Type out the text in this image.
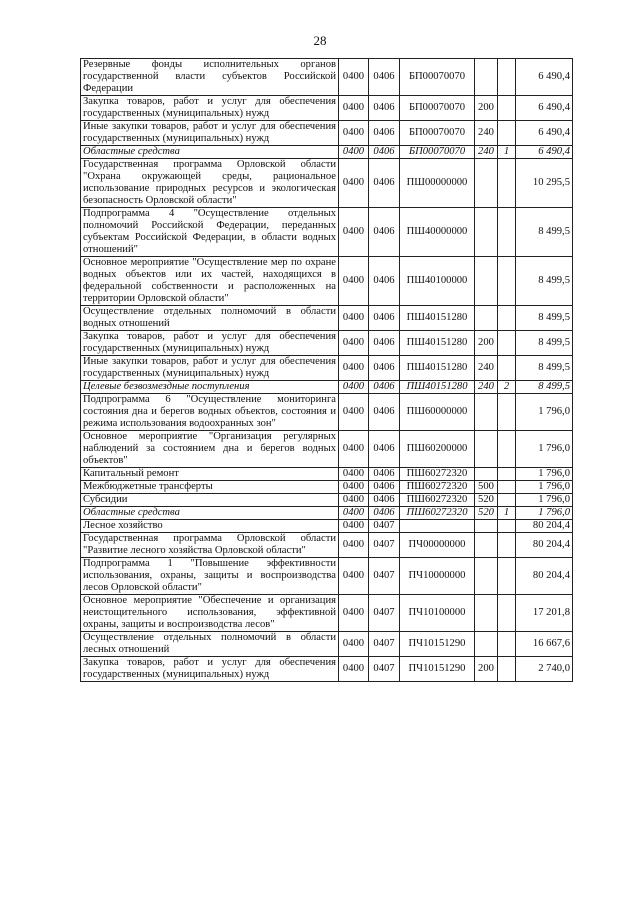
28
Резервные фонды исполнительных органов государственной власти субъектов Российской Федерации	0400	0406	БП00070070			6 490,4
Закупка товаров, работ и услуг для обеспечения государственных (муниципальных) нужд	0400	0406	БП00070070	200		6 490,4
Иные закупки товаров, работ и услуг для обеспечения государственных (муниципальных) нужд	0400	0406	БП00070070	240		6 490,4
Областные средства	0400	0406	БП00070070	240	1	6 490,4
Государственная программа Орловской области "Охрана окружающей среды, рациональное использование природных ресурсов и экологическая безопасность Орловской области"	0400	0406	ПШ00000000			10 295,5
Подпрограмма 4 "Осуществление отдельных полномочий Российской Федерации, переданных субъектам Российской Федерации, в области водных отношений"	0400	0406	ПШ40000000			8 499,5
Основное мероприятие "Осуществление мер по охране водных объектов или их частей, находящихся в федеральной собственности и расположенных на территории Орловской области"	0400	0406	ПШ40100000			8 499,5
Осуществление отдельных полномочий в области водных отношений	0400	0406	ПШ40151280			8 499,5
Закупка товаров, работ и услуг для обеспечения государственных (муниципальных) нужд	0400	0406	ПШ40151280	200		8 499,5
Иные закупки товаров, работ и услуг для обеспечения государственных (муниципальных) нужд	0400	0406	ПШ40151280	240		8 499,5
Целевые безвозмездные поступления	0400	0406	ПШ40151280	240	2	8 499,5
Подпрограмма 6 "Осуществление мониторинга состояния дна и берегов водных объектов, состояния и режима использования водоохранных зон"	0400	0406	ПШ60000000			1 796,0
Основное мероприятие "Организация регулярных наблюдений за состоянием дна и берегов водных объектов"	0400	0406	ПШ60200000			1 796,0
Капитальный ремонт	0400	0406	ПШ60272320			1 796,0
Межбюджетные трансферты	0400	0406	ПШ60272320	500		1 796,0
Субсидии	0400	0406	ПШ60272320	520		1 796,0
Областные средства	0400	0406	ПШ60272320	520	1	1 796,0
Лесное хозяйство	0400	0407				80 204,4
Государственная программа Орловской области "Развитие лесного хозяйства Орловской области"	0400	0407	ПЧ00000000			80 204,4
Подпрограмма 1 "Повышение эффективности использования, охраны, защиты и воспроизводства лесов Орловской области"	0400	0407	ПЧ10000000			80 204,4
Основное мероприятие "Обеспечение и организация неистощительного использования, эффективной охраны, защиты и воспроизводства лесов"	0400	0407	ПЧ10100000			17 201,8
Осуществление отдельных полномочий в области лесных отношений	0400	0407	ПЧ10151290			16 667,6
Закупка товаров, работ и услуг для обеспечения государственных (муниципальных) нужд	0400	0407	ПЧ10151290	200		2 740,0
